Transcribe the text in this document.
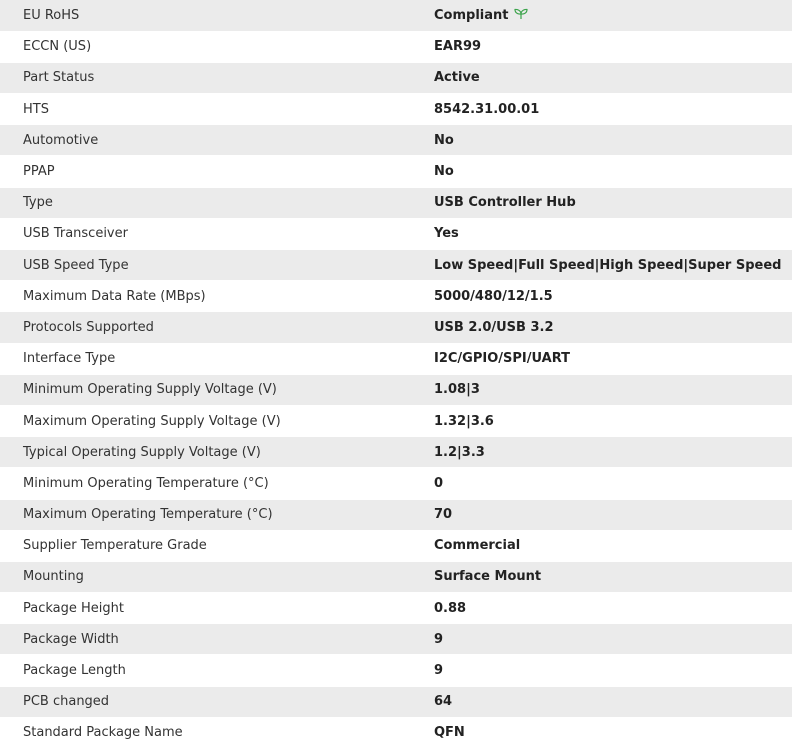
EU RoHS	Compliant
ECCN (US)	EAR99
Part Status	Active
HTS	8542.31.00.01
Automotive	No
PPAP	No
Type	USB Controller Hub
USB Transceiver	Yes
USB Speed Type	Low Speed|Full Speed|High Speed|Super Speed
Maximum Data Rate (MBps)	5000/480/12/1.5
Protocols Supported	USB 2.0/USB 3.2
Interface Type	I2C/GPIO/SPI/UART
Minimum Operating Supply Voltage (V)	1.08|3
Maximum Operating Supply Voltage (V)	1.32|3.6
Typical Operating Supply Voltage (V)	1.2|3.3
Minimum Operating Temperature (°C)	0
Maximum Operating Temperature (°C)	70
Supplier Temperature Grade	Commercial
Mounting	Surface Mount
Package Height	0.88
Package Width	9
Package Length	9
PCB changed	64
Standard Package Name	QFN
